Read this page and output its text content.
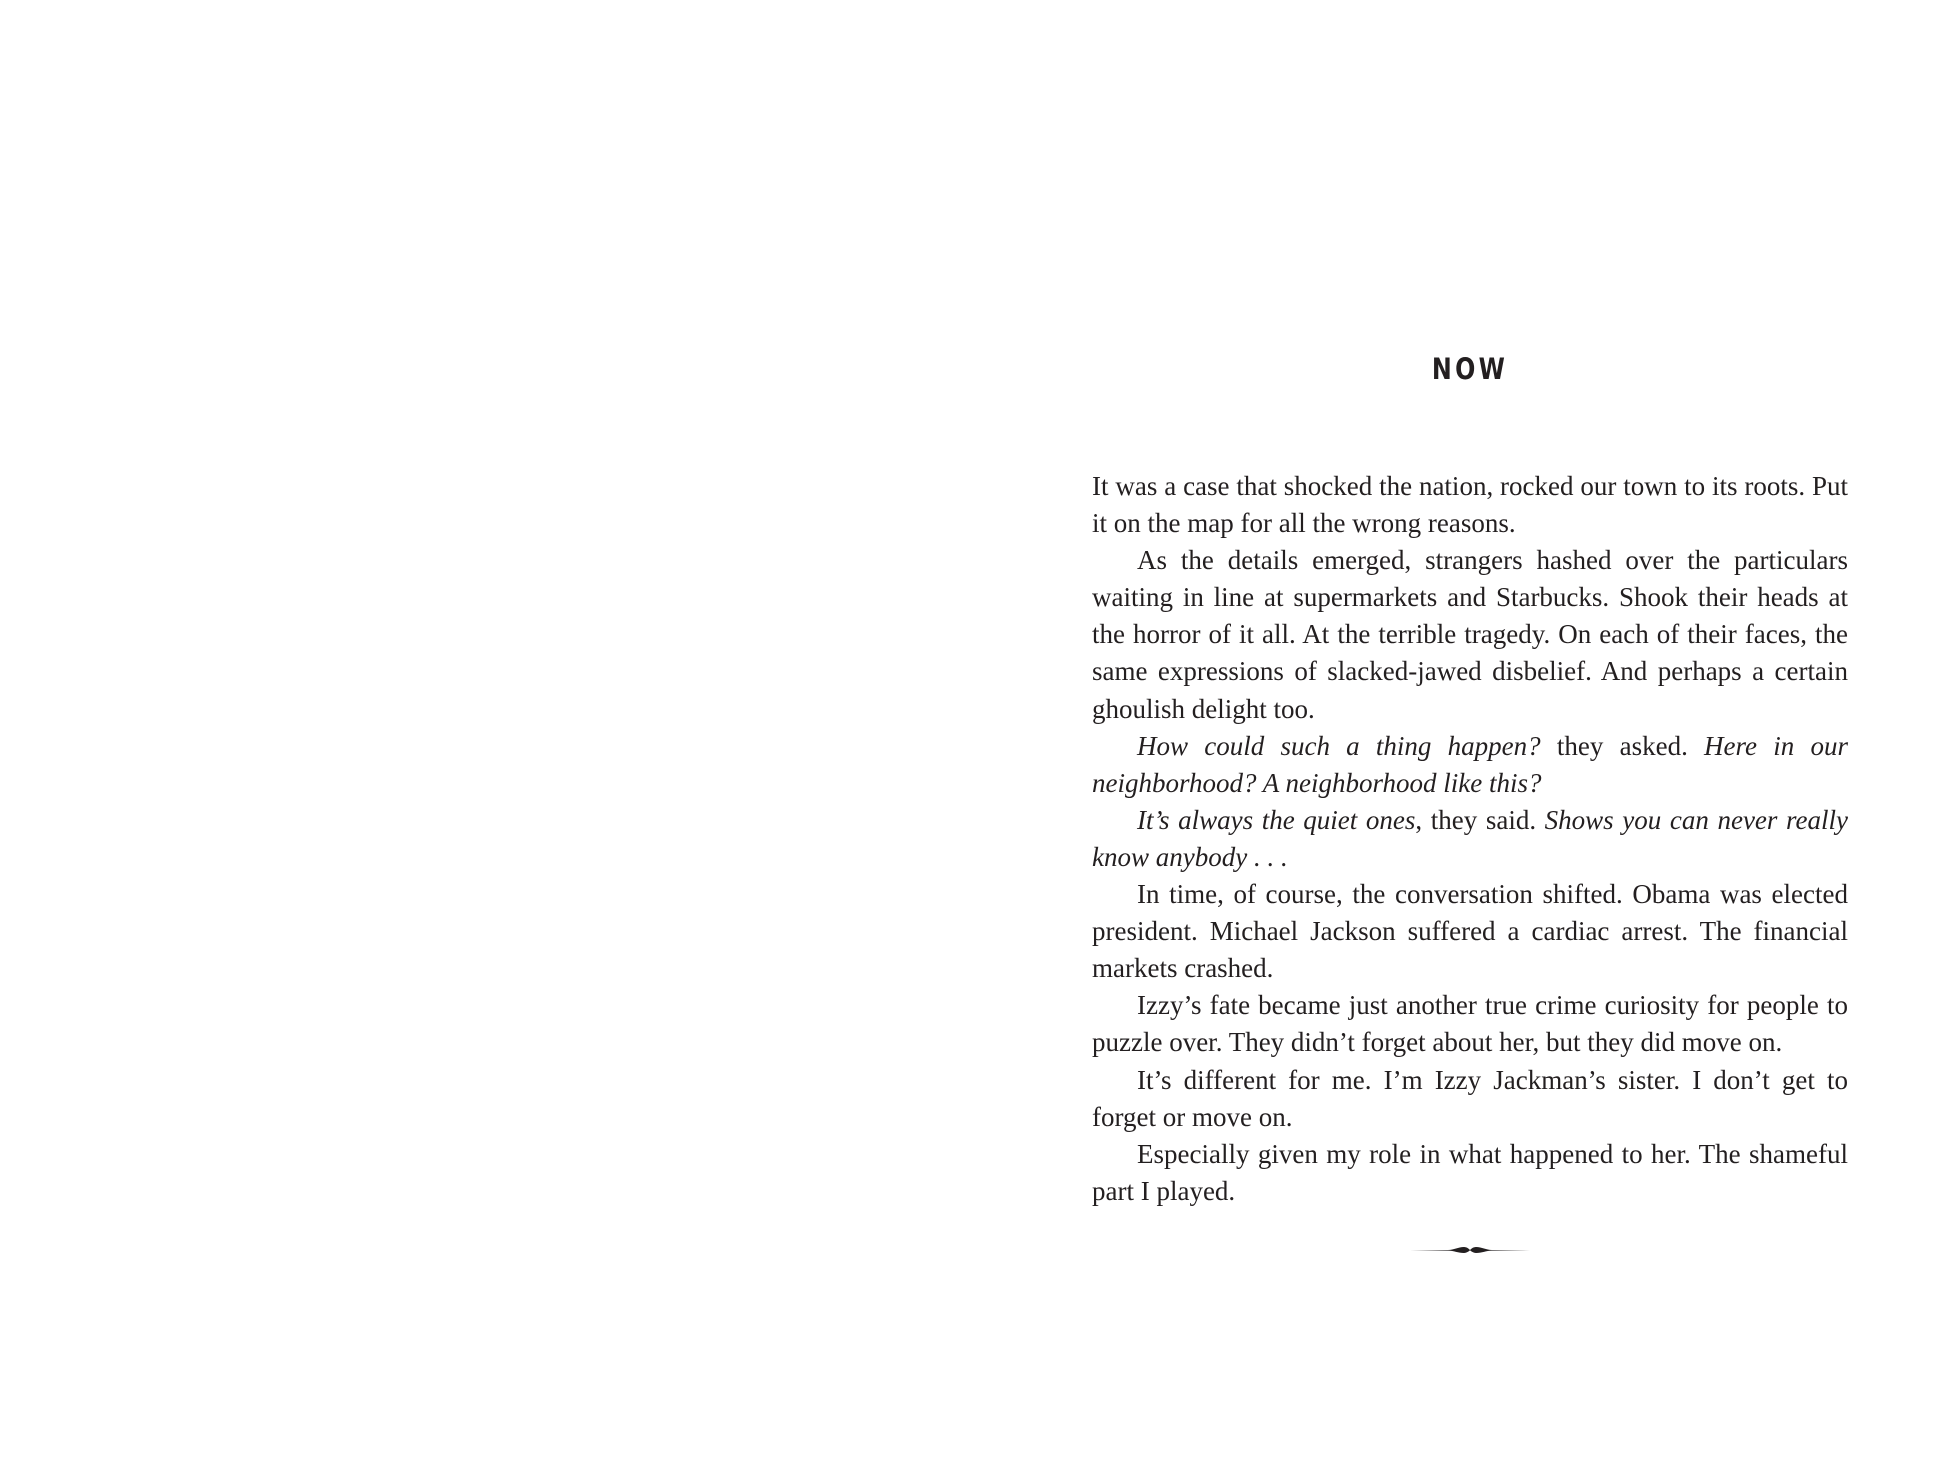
NOW

It was a case that shocked the nation, rocked our town to its roots. Put it on the map for all the wrong reasons.

As the details emerged, strangers hashed over the particulars waiting in line at supermarkets and Starbucks. Shook their heads at the horror of it all. At the terrible tragedy. On each of their faces, the same expressions of slacked-jawed disbelief. And perhaps a certain ghoulish delight too.

How could such a thing happen? they asked. Here in our neighborhood? A neighborhood like this?

It’s always the quiet ones, they said. Shows you can never really know anybody . . .

In time, of course, the conversation shifted. Obama was elected president. Michael Jackson suffered a cardiac arrest. The financial markets crashed.

Izzy’s fate became just another true crime curiosity for people to puzzle over. They didn’t forget about her, but they did move on.

It’s different for me. I’m Izzy Jackman’s sister. I don’t get to forget or move on.

Especially given my role in what happened to her. The shameful part I played.
